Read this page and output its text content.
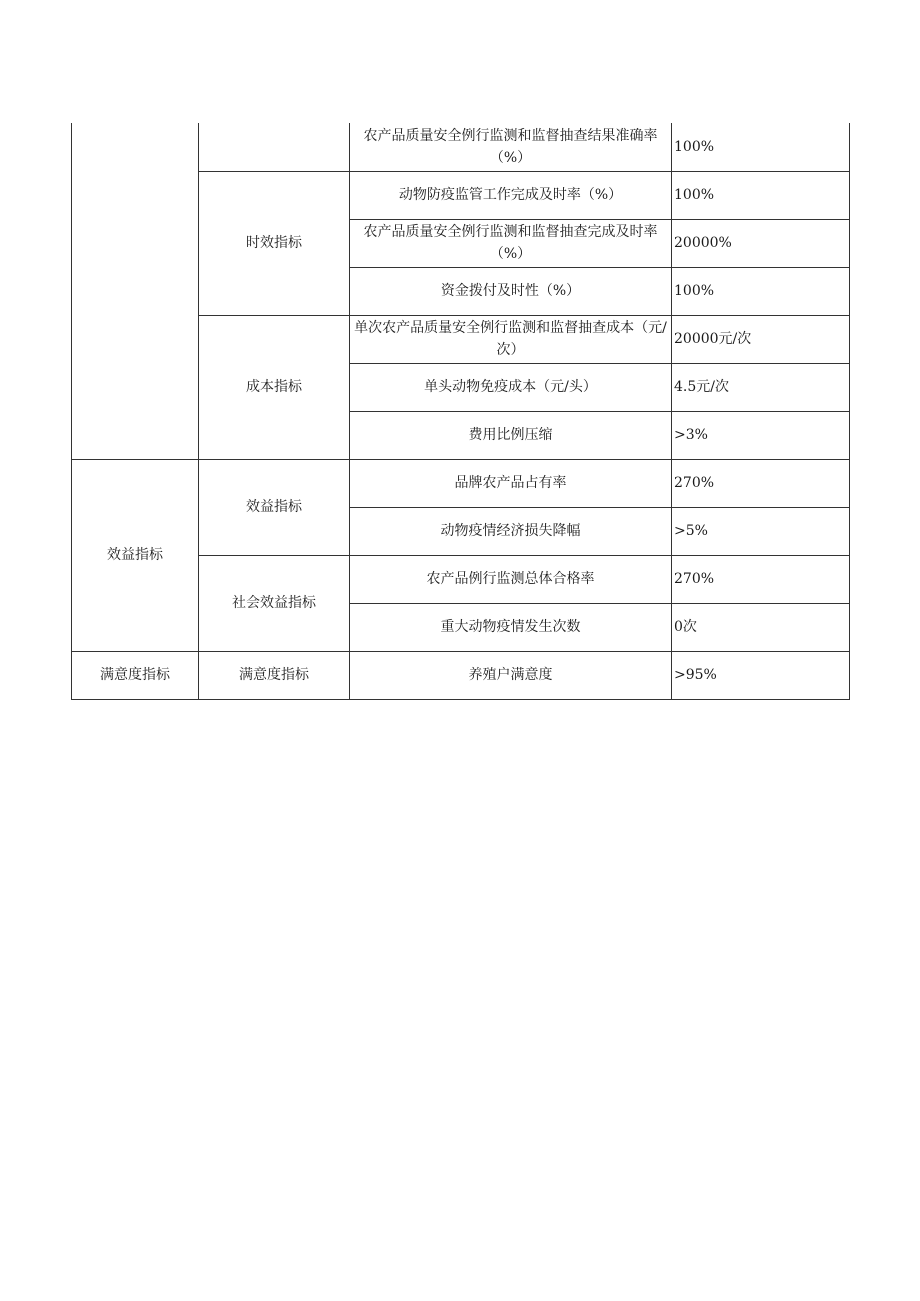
		农产品质量安全例行监测和监督抽查结果准确率（%）	100%
	时效指标	动物防疫监管工作完成及时率（%）	100%
		农产品质量安全例行监测和监督抽查完成及时率（%）	20000%
		资金拨付及时性（%）	100%
	成本指标	单次农产品质量安全例行监测和监督抽查成本（元/次）	20000元/次
		单头动物免疫成本（元/头）	4.5元/次
		费用比例压缩	>3%
效益指标	效益指标	品牌农产品占有率	270%
		动物疫情经济损失降幅	>5%
	社会效益指标	农产品例行监测总体合格率	270%
		重大动物疫情发生次数	0次
满意度指标	满意度指标	养殖户满意度	>95%
